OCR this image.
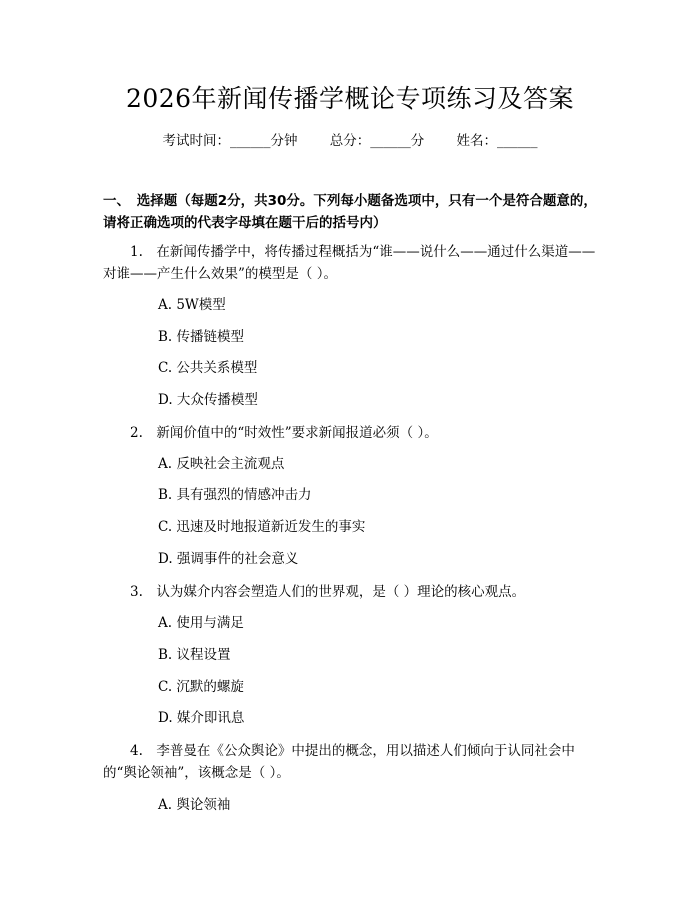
2026年新闻传播学概论专项练习及答案
考试时间：______分钟 总分：______分 姓名：______
一、　选择题（每题2分，共30分。下列每小题备选项中，只有一个是符合题意的，请将正确选项的代表字母填在题干后的括号内）
　　1.　在新闻传播学中，将传播过程概括为“谁——说什么——通过什么渠道——对谁——产生什么效果”的模型是（ ）。
A. 5W模型
B. 传播链模型
C. 公共关系模型
D. 大众传播模型
　　2.　新闻价值中的“时效性”要求新闻报道必须（ ）。
A. 反映社会主流观点
B. 具有强烈的情感冲击力
C. 迅速及时地报道新近发生的事实
D. 强调事件的社会意义
　　3.　认为媒介内容会塑造人们的世界观，是（ ）理论的核心观点。
A. 使用与满足
B. 议程设置
C. 沉默的螺旋
D. 媒介即讯息
　　4.　李普曼在《公众舆论》中提出的概念，用以描述人们倾向于认同社会中的“舆论领袖”，该概念是（ ）。
A. 舆论领袖
